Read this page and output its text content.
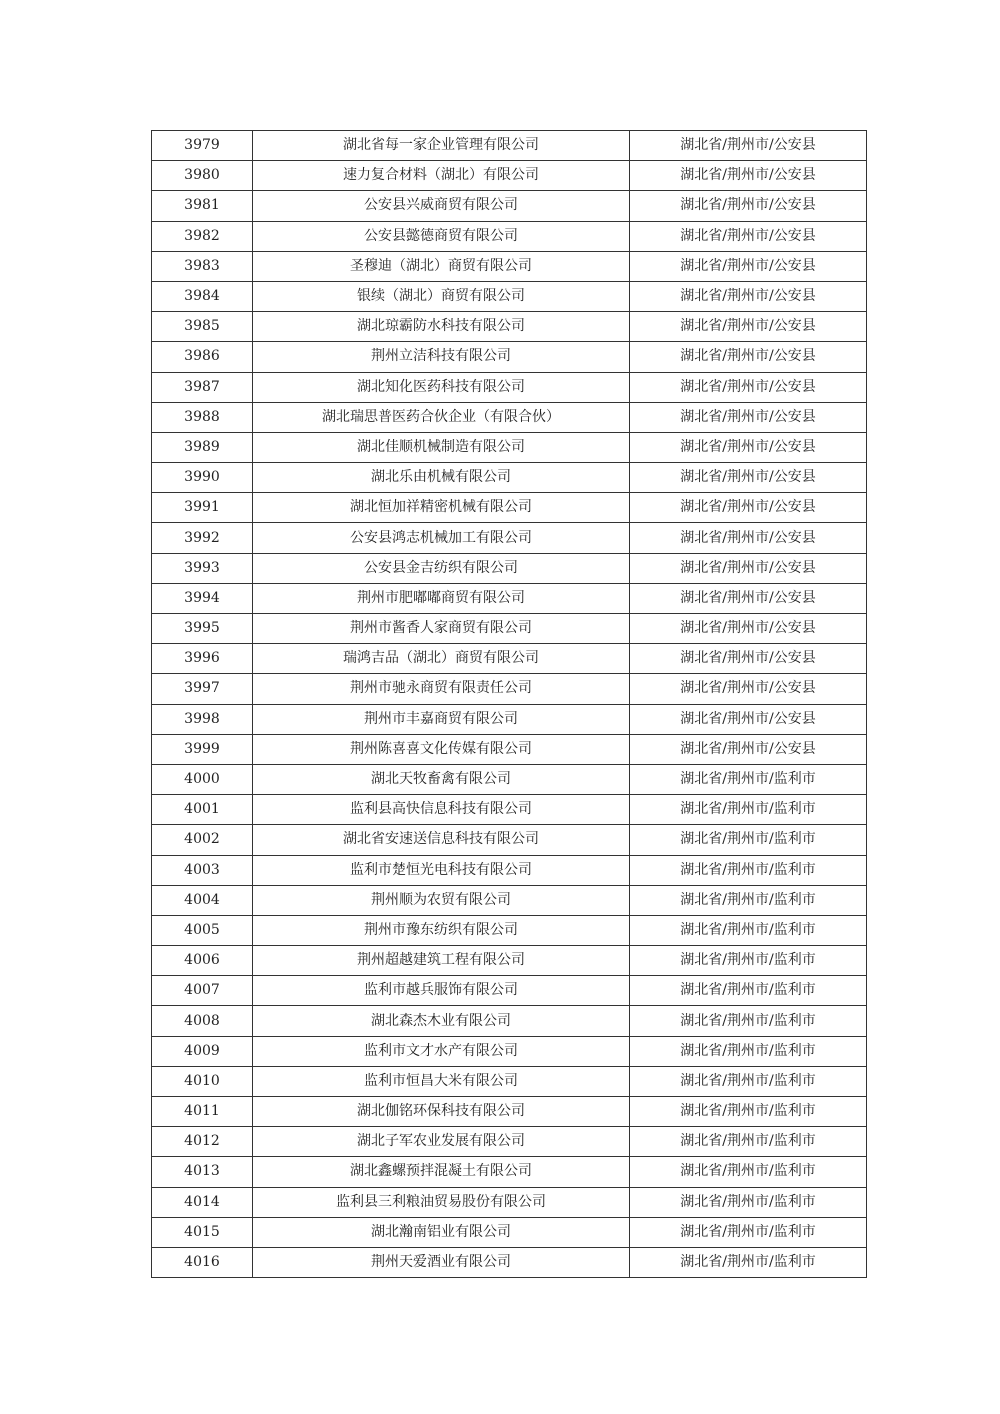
3979	湖北省每一家企业管理有限公司	湖北省/荆州市/公安县
3980	速力复合材料（湖北）有限公司	湖北省/荆州市/公安县
3981	公安县兴威商贸有限公司	湖北省/荆州市/公安县
3982	公安县懿德商贸有限公司	湖北省/荆州市/公安县
3983	圣穆迪（湖北）商贸有限公司	湖北省/荆州市/公安县
3984	银续（湖北）商贸有限公司	湖北省/荆州市/公安县
3985	湖北琼霸防水科技有限公司	湖北省/荆州市/公安县
3986	荆州立洁科技有限公司	湖北省/荆州市/公安县
3987	湖北知化医药科技有限公司	湖北省/荆州市/公安县
3988	湖北瑞思普医药合伙企业（有限合伙）	湖北省/荆州市/公安县
3989	湖北佳顺机械制造有限公司	湖北省/荆州市/公安县
3990	湖北乐由机械有限公司	湖北省/荆州市/公安县
3991	湖北恒加祥精密机械有限公司	湖北省/荆州市/公安县
3992	公安县鸿志机械加工有限公司	湖北省/荆州市/公安县
3993	公安县金吉纺织有限公司	湖北省/荆州市/公安县
3994	荆州市肥嘟嘟商贸有限公司	湖北省/荆州市/公安县
3995	荆州市酱香人家商贸有限公司	湖北省/荆州市/公安县
3996	瑞鸿吉品（湖北）商贸有限公司	湖北省/荆州市/公安县
3997	荆州市驰永商贸有限责任公司	湖北省/荆州市/公安县
3998	荆州市丰嘉商贸有限公司	湖北省/荆州市/公安县
3999	荆州陈喜喜文化传媒有限公司	湖北省/荆州市/公安县
4000	湖北天牧畜禽有限公司	湖北省/荆州市/监利市
4001	监利县高快信息科技有限公司	湖北省/荆州市/监利市
4002	湖北省安速送信息科技有限公司	湖北省/荆州市/监利市
4003	监利市楚恒光电科技有限公司	湖北省/荆州市/监利市
4004	荆州顺为农贸有限公司	湖北省/荆州市/监利市
4005	荆州市豫东纺织有限公司	湖北省/荆州市/监利市
4006	荆州超越建筑工程有限公司	湖北省/荆州市/监利市
4007	监利市越兵服饰有限公司	湖北省/荆州市/监利市
4008	湖北森杰木业有限公司	湖北省/荆州市/监利市
4009	监利市文才水产有限公司	湖北省/荆州市/监利市
4010	监利市恒昌大米有限公司	湖北省/荆州市/监利市
4011	湖北伽铭环保科技有限公司	湖北省/荆州市/监利市
4012	湖北子军农业发展有限公司	湖北省/荆州市/监利市
4013	湖北鑫螺预拌混凝土有限公司	湖北省/荆州市/监利市
4014	监利县三利粮油贸易股份有限公司	湖北省/荆州市/监利市
4015	湖北瀚南铝业有限公司	湖北省/荆州市/监利市
4016	荆州天爱酒业有限公司	湖北省/荆州市/监利市
